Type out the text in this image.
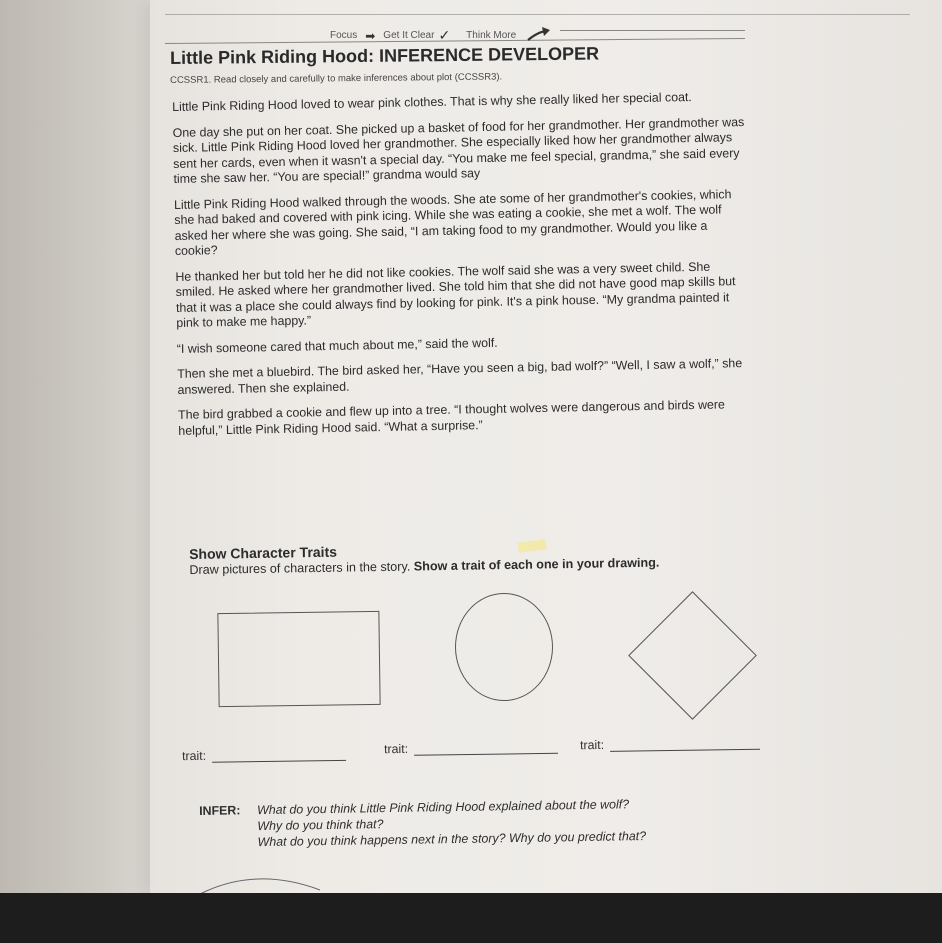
Focus ➡ Get It Clear ✓ Think More
Little Pink Riding Hood: INFERENCE DEVELOPER
CCSSR1. Read closely and carefully to make inferences about plot (CCSSR3).

Little Pink Riding Hood loved to wear pink clothes. That is why she really liked her special coat.

One day she put on her coat. She picked up a basket of food for her grandmother. Her grandmother was sick. Little Pink Riding Hood loved her grandmother. She especially liked how her grandmother always sent her cards, even when it wasn't a special day. “You make me feel special, grandma,” she said every time she saw her. “You are special!” grandma would say

Little Pink Riding Hood walked through the woods. She ate some of her grandmother's cookies, which she had baked and covered with pink icing. While she was eating a cookie, she met a wolf. The wolf asked her where she was going. She said, “I am taking food to my grandmother. Would you like a cookie?

He thanked her but told her he did not like cookies. The wolf said she was a very sweet child. She smiled. He asked where her grandmother lived. She told him that she did not have good map skills but that it was a place she could always find by looking for pink. It's a pink house. “My grandma painted it pink to make me happy.”

“I wish someone cared that much about me,” said the wolf.

Then she met a bluebird. The bird asked her, “Have you seen a big, bad wolf?” “Well, I saw a wolf,” she answered. Then she explained.

The bird grabbed a cookie and flew up into a tree. “I thought wolves were dangerous and birds were helpful,” Little Pink Riding Hood said. “What a surprise.”

Show Character Traits
Draw pictures of characters in the story. Show a trait of each one in your drawing.
trait:	trait:	trait:
INFER: What do you think Little Pink Riding Hood explained about the wolf?
Why do you think that?
What do you think happens next in the story? Why do you predict that?
